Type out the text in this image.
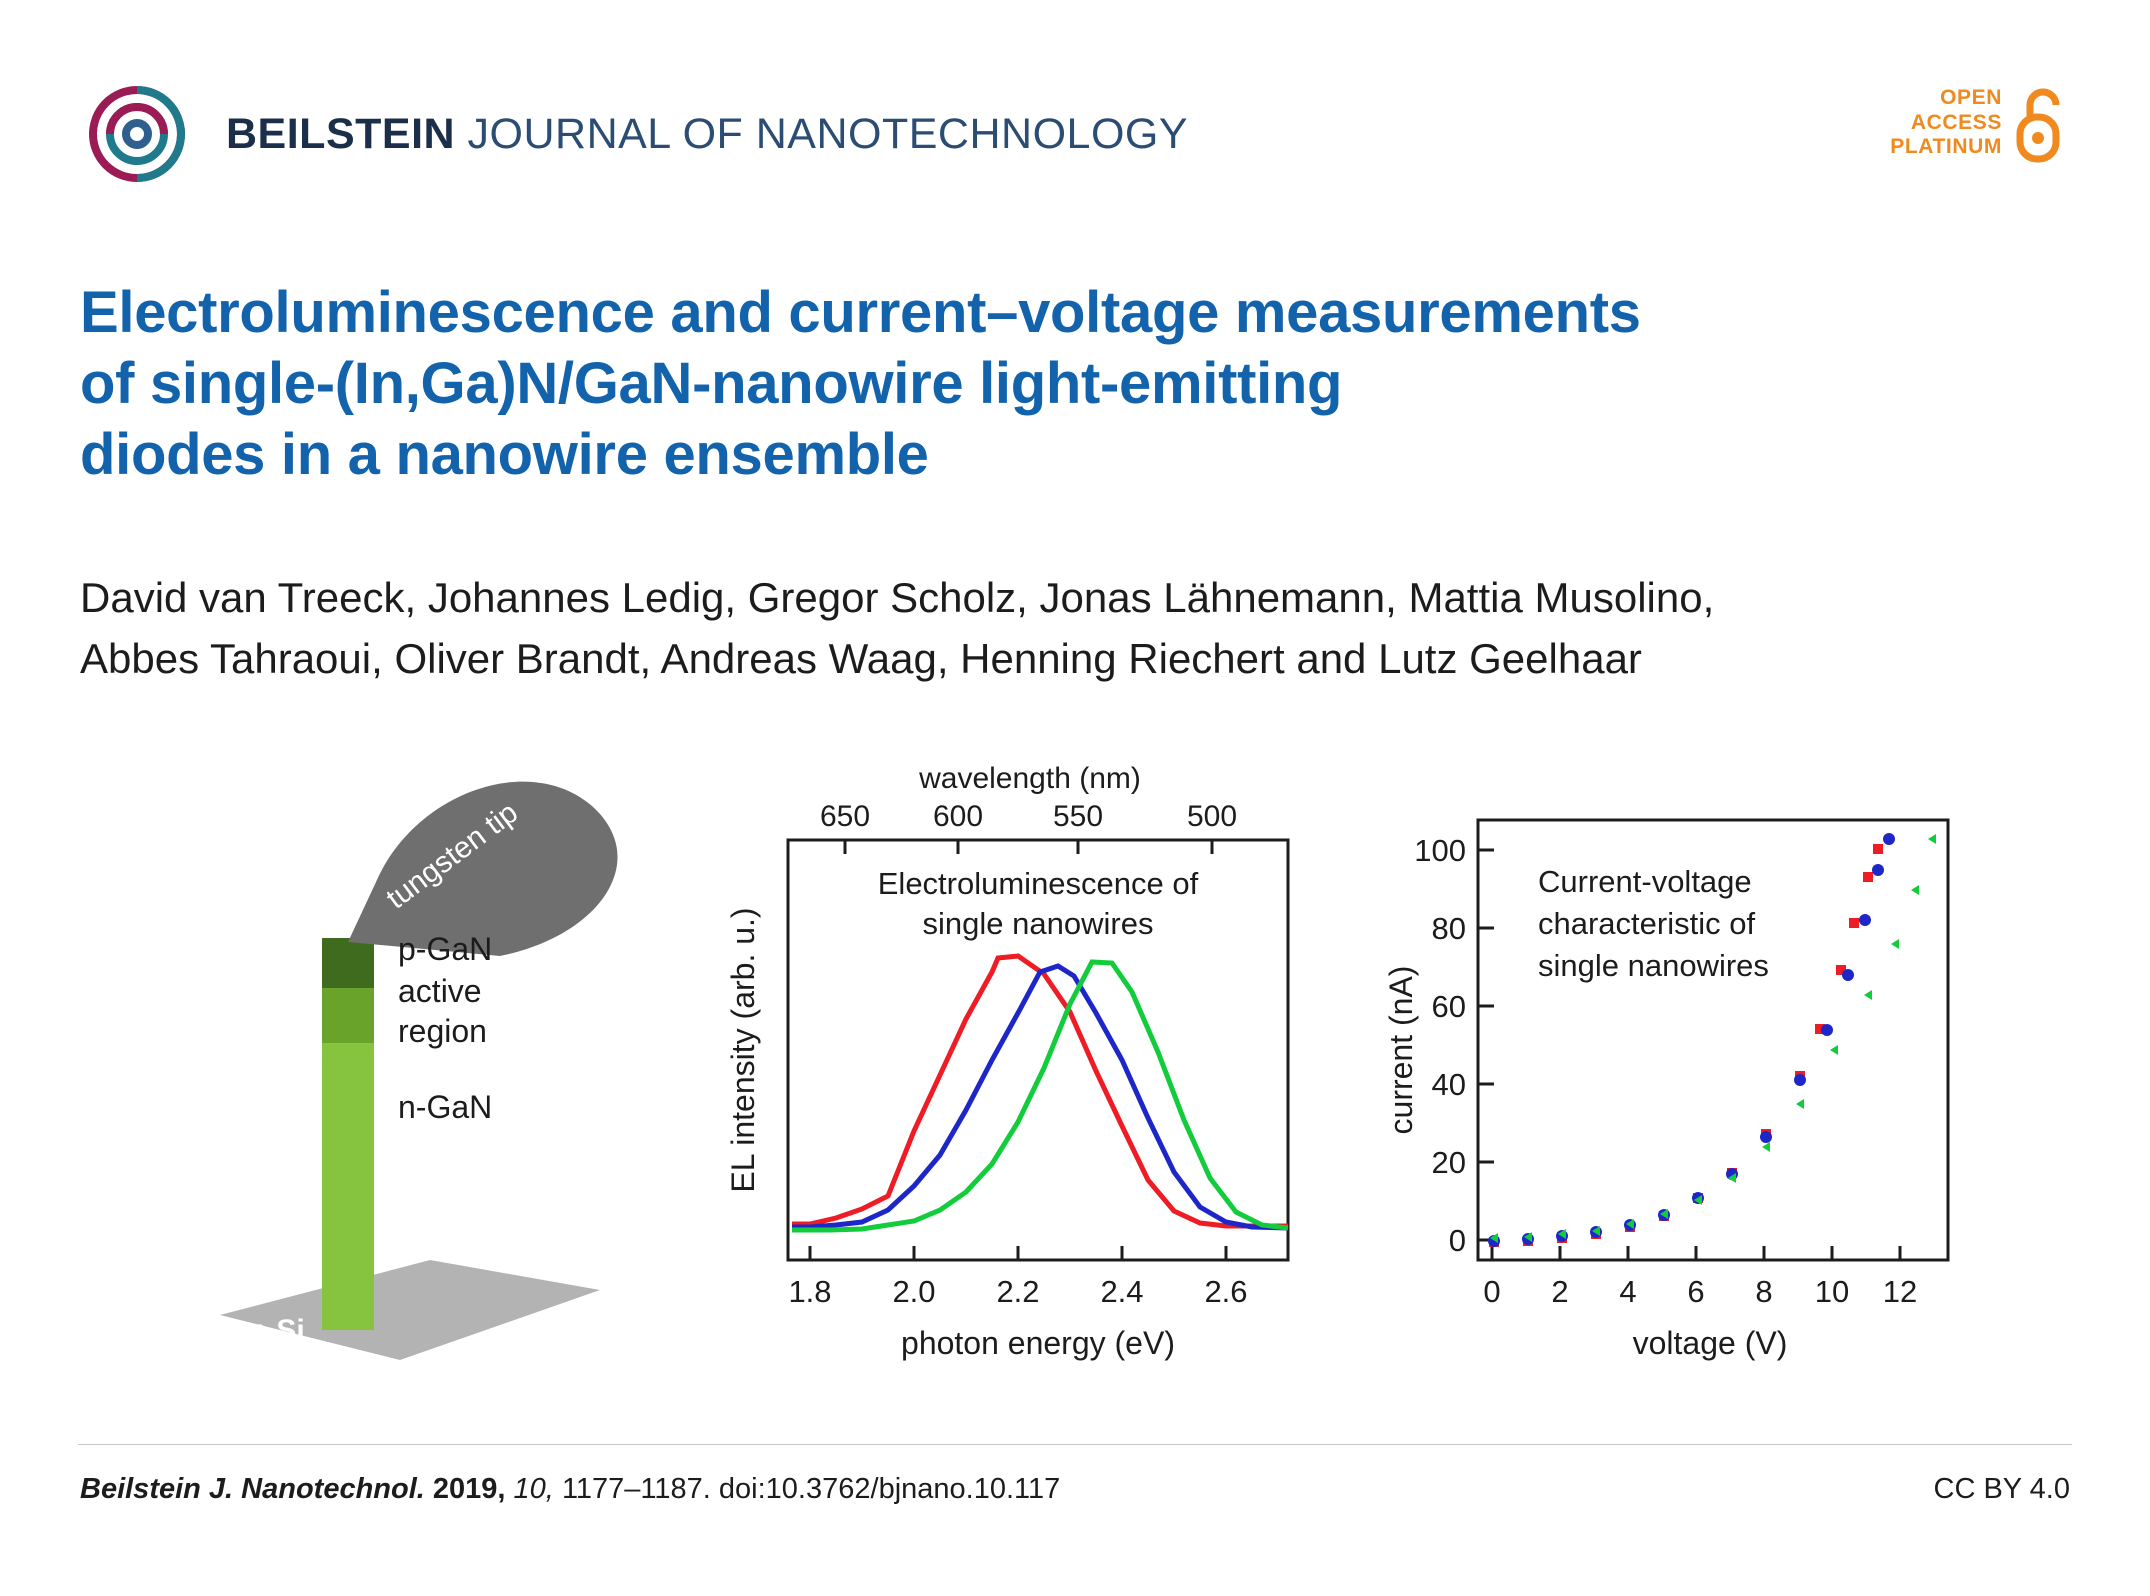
BEILSTEIN JOURNAL OF NANOTECHNOLOGY
OPEN
ACCESS
PLATINUM
Electroluminescence and current–voltage measurements
of single-(In,Ga)N/GaN-nanowire light-emitting
diodes in a nanowire ensemble
David van Treeck, Johannes Ledig, Gregor Scholz, Jonas Lähnemann, Mattia Musolino,
Abbes Tahraoui, Oliver Brandt, Andreas Waag, Henning Riechert and Lutz Geelhaar
n-Si
tungsten tip
p-GaN
active
region
n-GaN
wavelength (nm)
650 600 550	500
Electroluminescence of
single nanowires
1.8 2.0 2.2 2.4 2.6
photon energy (eV)
EL intensity (arb. u.)
0
20
40
60
80
100
0 2 4 6 8 10 12
Current-voltage
characteristic of
single nanowires
voltage (V)
current (nA)
Beilstein J. Nanotechnol. 2019, 10, 1177–1187. doi:10.3762/bjnano.10.117	CC BY 4.0
